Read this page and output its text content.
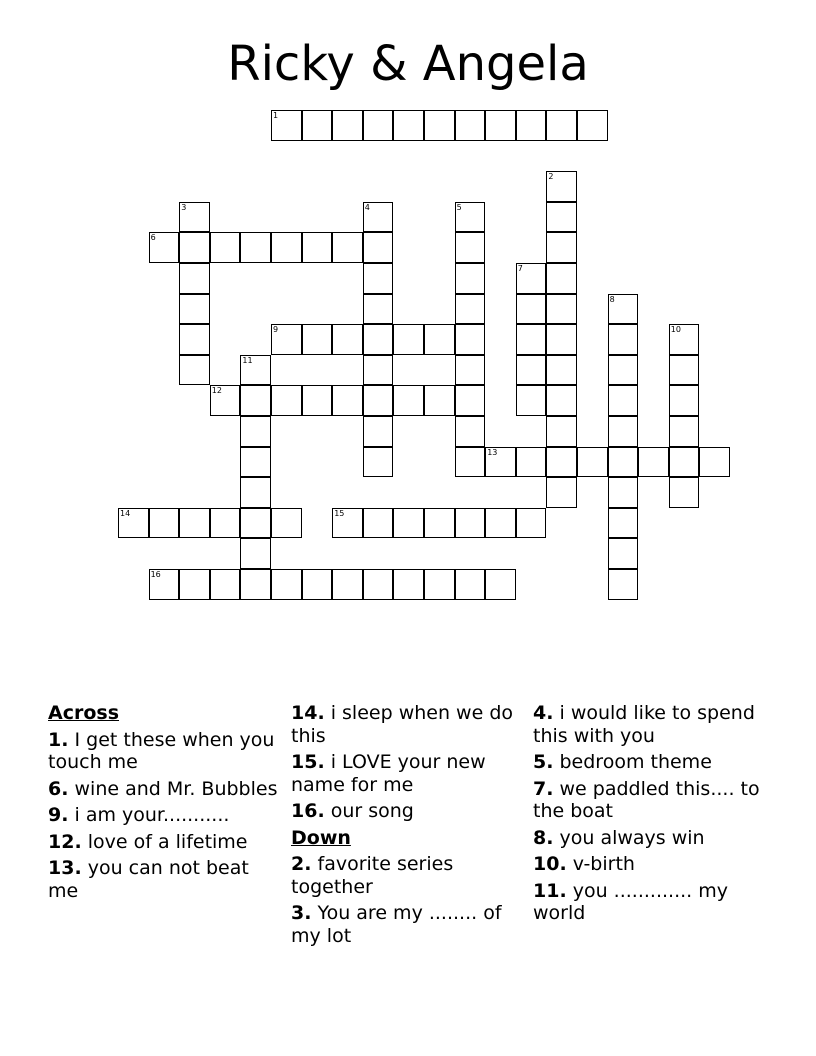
Ricky & Angela
1
2
3	4	5
6
7
8
9	10
11
12
13
14	15
16
Across
1. I get these when you touch me
6. wine and Mr. Bubbles
9. i am your...........
12. love of a lifetime
13. you can not beat me
14. i sleep when we do this
15. i LOVE your new name for me
16. our song
Down
2. favorite series together
3. You are my ........ of my lot
4. i would like to spend this with you
5. bedroom theme
7. we paddled this.... to the boat
8. you always win
10. v-birth
11. you ............. my world
